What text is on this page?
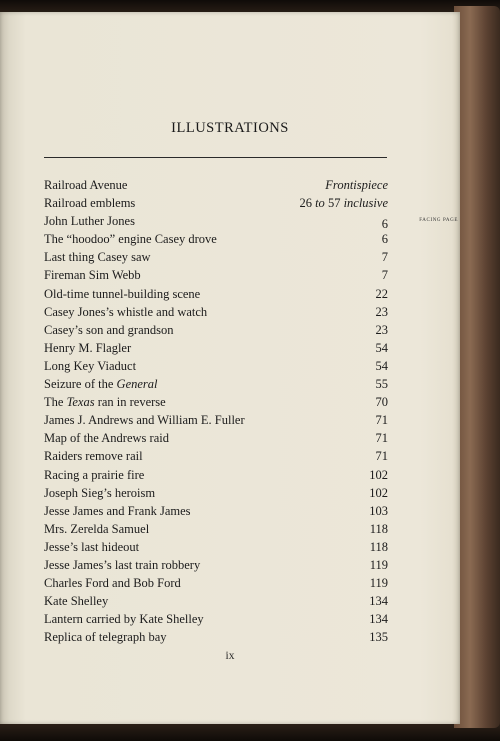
ILLUSTRATIONS
Railroad Avenue	Frontispiece
Railroad emblems	26 to 57 inclusive
John Luther Jones	6
The “hoodoo” engine Casey drove	6
Last thing Casey saw	7
Fireman Sim Webb	7
Old-time tunnel-building scene	22
Casey Jones’s whistle and watch	23
Casey’s son and grandson	23
Henry M. Flagler	54
Long Key Viaduct	54
Seizure of the General	55
The Texas ran in reverse	70
James J. Andrews and William E. Fuller	71
Map of the Andrews raid	71
Raiders remove rail	71
Racing a prairie fire	102
Joseph Sieg’s heroism	102
Jesse James and Frank James	103
Mrs. Zerelda Samuel	118
Jesse’s last hideout	118
Jesse James’s last train robbery	119
Charles Ford and Bob Ford	119
Kate Shelley	134
Lantern carried by Kate Shelley	134
Replica of telegraph bay	135
FACING PAGE
ix
